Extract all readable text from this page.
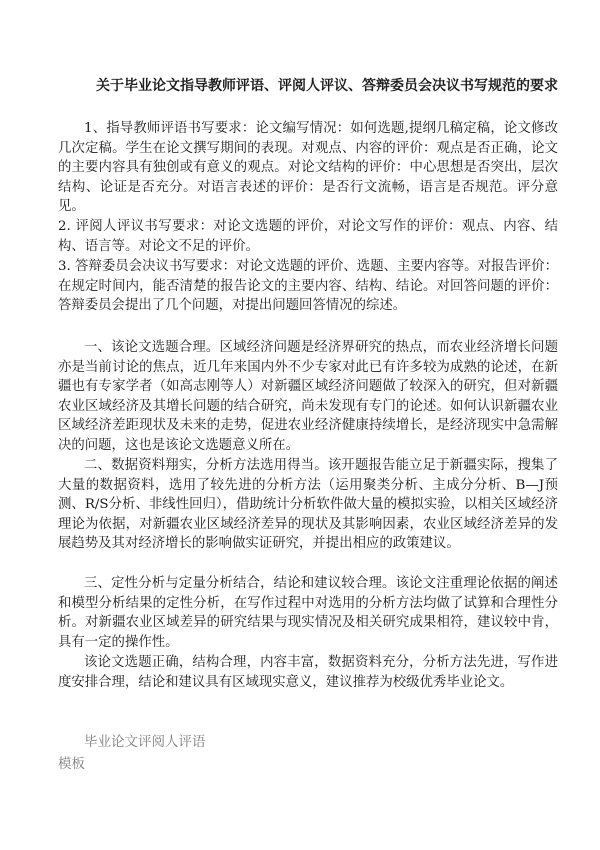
关于毕业论文指导教师评语、评阅人评议、答辩委员会决议书写规范的要求

1、指导教师评语书写要求：论文编写情况：如何选题,提纲几稿定稿，论文修改几次定稿。学生在论文撰写期间的表现。对观点、内容的评价：观点是否正确，论文的主要内容具有独创或有意义的观点。对论文结构的评价：中心思想是否突出，层次结构、论证是否充分。对语言表述的评价：是否行文流畅，语言是否规范。评分意见。

2. 评阅人评议书写要求：对论文选题的评价，对论文写作的评价：观点、内容、结构、语言等。对论文不足的评价。

3. 答辩委员会决议书写要求：对论文选题的评价、选题、主要内容等。对报告评价：在规定时间内，能否清楚的报告论文的主要内容、结构、结论。对回答问题的评价：答辩委员会提出了几个问题，对提出问题回答情况的综述。

一、该论文选题合理。区域经济问题是经济界研究的热点，而农业经济增长问题亦是当前讨论的焦点，近几年来国内外不少专家对此已有许多较为成熟的论述，在新疆也有专家学者（如高志刚等人）对新疆区域经济问题做了较深入的研究，但对新疆农业区域经济及其增长问题的结合研究，尚未发现有专门的论述。如何认识新疆农业区域经济差距现状及未来的走势，促进农业经济健康持续增长，是经济现实中急需解决的问题，这也是该论文选题意义所在。

二、数据资料翔实，分析方法选用得当。该开题报告能立足于新疆实际，搜集了大量的数据资料，选用了较先进的分析方法（运用聚类分析、主成分分析、B—J预测、R/S分析、非线性回归），借助统计分析软件做大量的模拟实验，以相关区域经济理论为依据，对新疆农业区域经济差异的现状及其影响因素，农业区域经济差异的发展趋势及其对经济增长的影响做实证研究，并提出相应的政策建议。

三、定性分析与定量分析结合，结论和建议较合理。该论文注重理论依据的阐述和模型分析结果的定性分析，在写作过程中对选用的分析方法均做了试算和合理性分析。对新疆农业区域差异的研究结果与现实情况及相关研究成果相符，建议较中肯，具有一定的操作性。

该论文选题正确，结构合理，内容丰富，数据资料充分，分析方法先进，写作进度安排合理，结论和建议具有区域现实意义，建议推荐为校级优秀毕业论文。

毕业论文评阅人评语

模板
